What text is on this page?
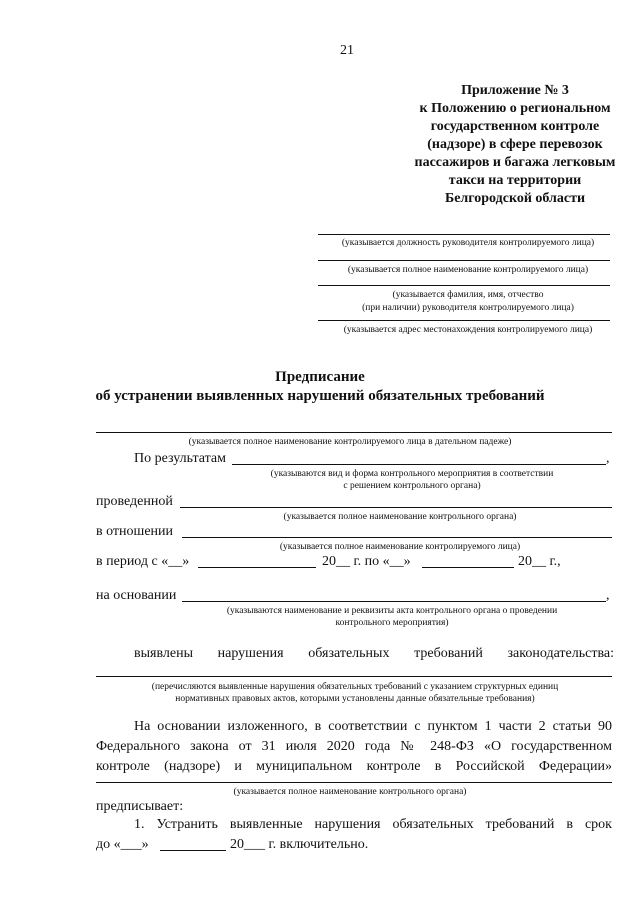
21
Приложение № 3
к Положению о региональном
государственном контроле
(надзоре) в сфере перевозок
пассажиров и багажа легковым
такси на территории
Белгородской области
(указывается должность руководителя контролируемого лица)
(указывается полное наименование контролируемого лица)
(указывается фамилия, имя, отчество
(при наличии) руководителя контролируемого лица)
(указывается адрес местонахождения контролируемого лица)
Предписание
об устранении выявленных нарушений обязательных требований
(указывается полное наименование контролируемого лица в дательном падеже)
По результатам	,
(указываются вид и форма контрольного мероприятия в соответствии
с решением контрольного органа)
проведенной
(указывается полное наименование контрольного органа)
в отношении
(указывается полное наименование контролируемого лица)
в период с «__»	20__ г. по «__»	20__ г.,
на основании	,
(указываются наименование и реквизиты акта контрольного органа о проведении
контрольного мероприятия)
выявлены нарушения обязательных требований законодательства:
(перечисляются выявленные нарушения обязательных требований с указанием структурных единиц
нормативных правовых актов, которыми установлены данные обязательные требования)
На основании изложенного, в соответствии с пунктом 1 части 2 статьи 90
Федерального закона от 31 июля 2020 года № 248-ФЗ «О государственном
контроле (надзоре) и муниципальном контроле в Российской Федерации»
(указывается полное наименование контрольного органа)
предписывает:
1. Устранить выявленные нарушения обязательных требований в срок
до «___»	20___ г. включительно.
